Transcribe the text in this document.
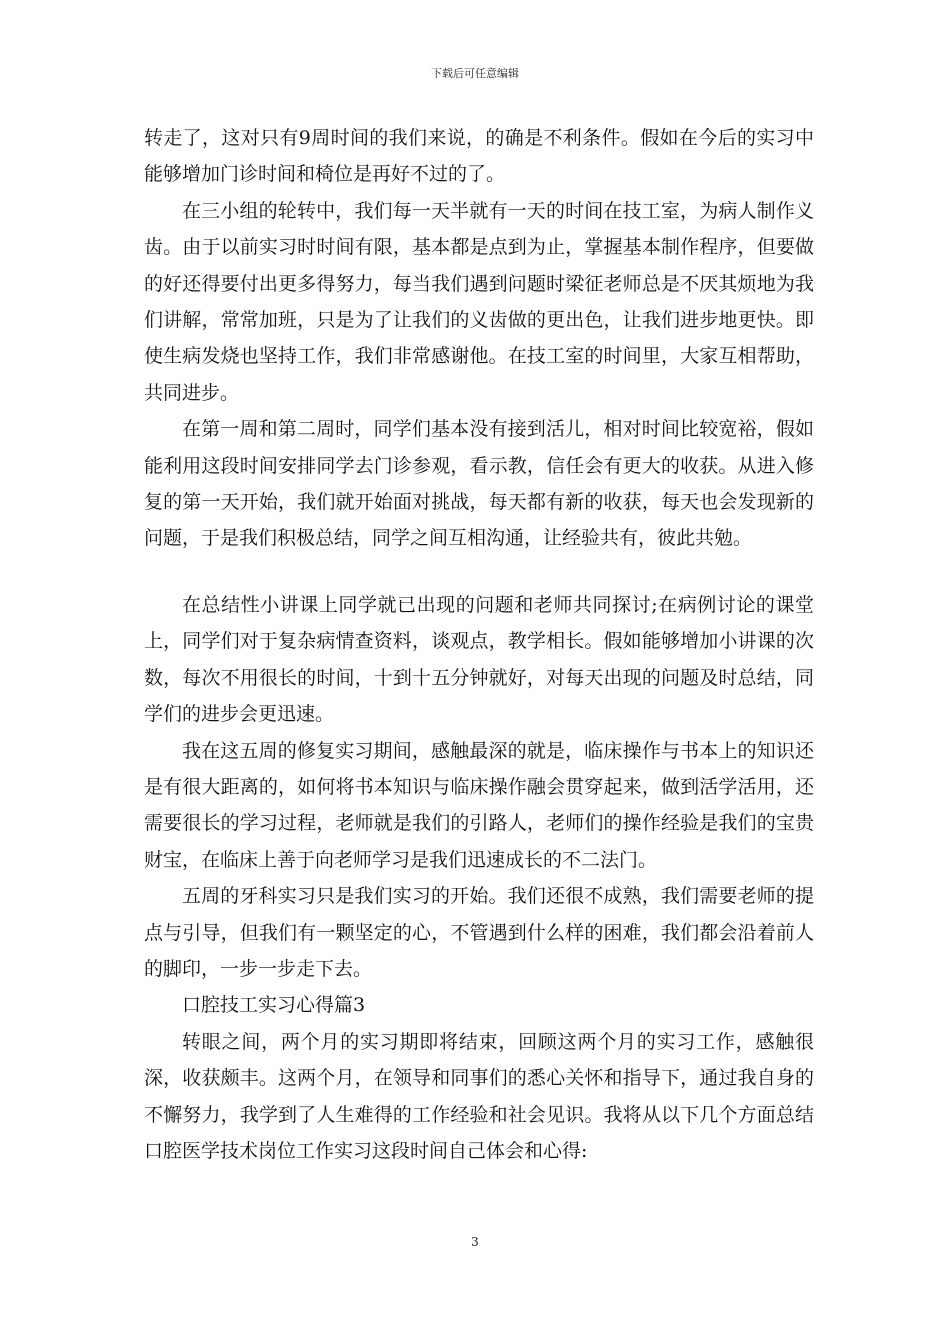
下载后可任意编辑

转走了，这对只有9周时间的我们来说，的确是不利条件。假如在今后的实习中能够增加门诊时间和椅位是再好不过的了。

在三小组的轮转中，我们每一天半就有一天的时间在技工室，为病人制作义齿。由于以前实习时时间有限，基本都是点到为止，掌握基本制作程序，但要做的好还得要付出更多得努力，每当我们遇到问题时梁征老师总是不厌其烦地为我们讲解，常常加班，只是为了让我们的义齿做的更出色，让我们进步地更快。即使生病发烧也坚持工作，我们非常感谢他。在技工室的时间里，大家互相帮助，共同进步。

在第一周和第二周时，同学们基本没有接到活儿，相对时间比较宽裕，假如能利用这段时间安排同学去门诊参观，看示教，信任会有更大的收获。从进入修复的第一天开始，我们就开始面对挑战，每天都有新的收获，每天也会发现新的问题，于是我们积极总结，同学之间互相沟通，让经验共有，彼此共勉。

在总结性小讲课上同学就已出现的问题和老师共同探讨;在病例讨论的课堂上，同学们对于复杂病情查资料，谈观点，教学相长。假如能够增加小讲课的次数，每次不用很长的时间，十到十五分钟就好，对每天出现的问题及时总结，同学们的进步会更迅速。

我在这五周的修复实习期间，感触最深的就是，临床操作与书本上的知识还是有很大距离的，如何将书本知识与临床操作融会贯穿起来，做到活学活用，还需要很长的学习过程，老师就是我们的引路人，老师们的操作经验是我们的宝贵财宝，在临床上善于向老师学习是我们迅速成长的不二法门。

五周的牙科实习只是我们实习的开始。我们还很不成熟，我们需要老师的提点与引导，但我们有一颗坚定的心，不管遇到什么样的困难，我们都会沿着前人的脚印，一步一步走下去。

口腔技工实习心得篇3

转眼之间，两个月的实习期即将结束，回顾这两个月的实习工作，感触很深，收获颇丰。这两个月，在领导和同事们的悉心关怀和指导下，通过我自身的不懈努力，我学到了人生难得的工作经验和社会见识。我将从以下几个方面总结口腔医学技术岗位工作实习这段时间自己体会和心得:

3
